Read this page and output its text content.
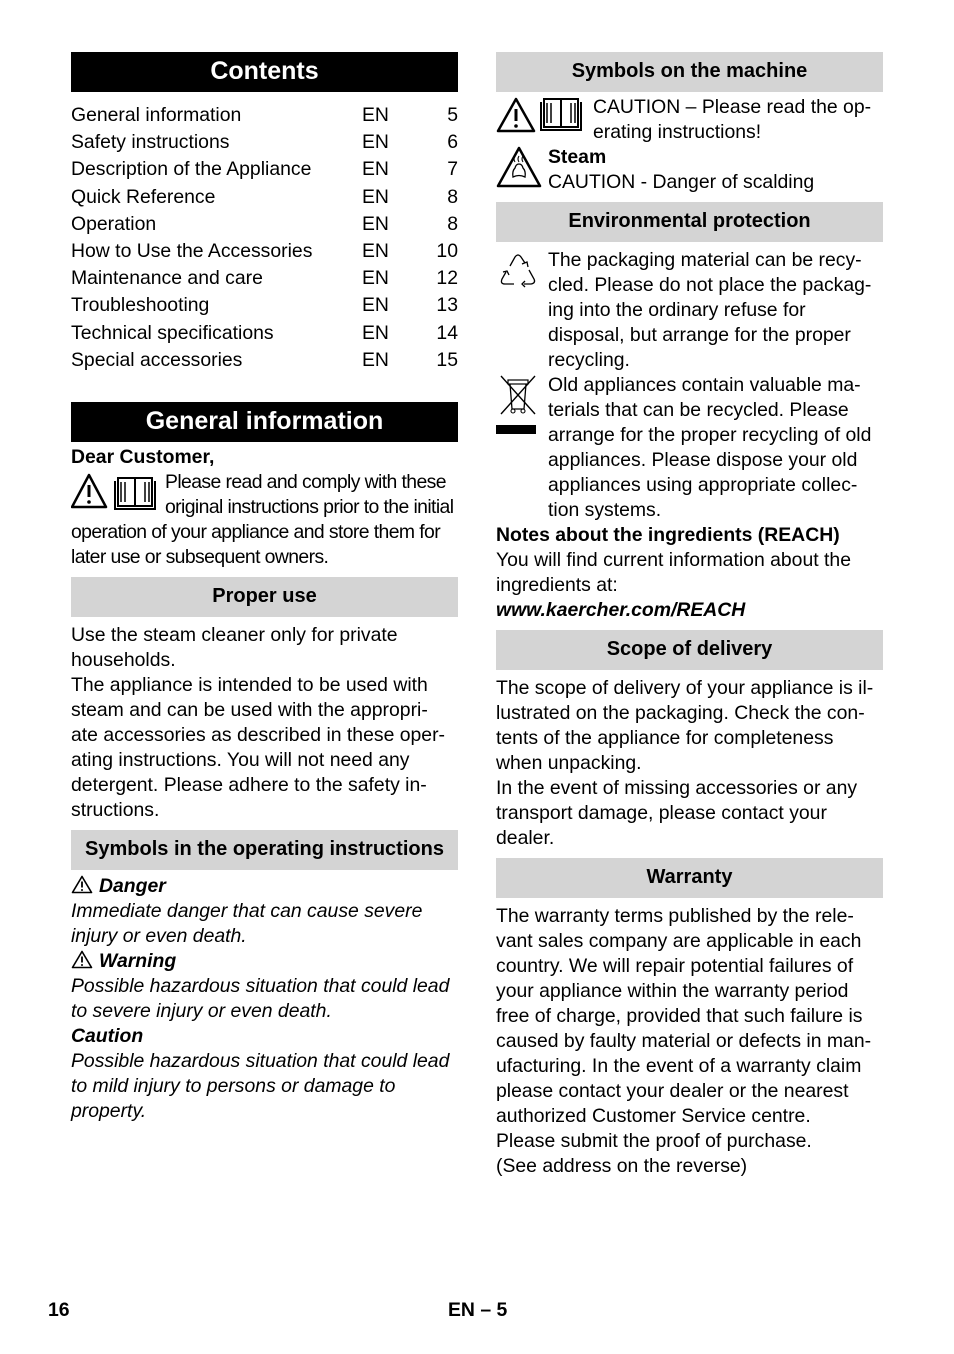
Contents
General information	EN	5
Safety instructions	EN	6
Description of the Appliance	EN	7
Quick Reference	EN	8
Operation	EN	8
How to Use the Accessories	EN	10
Maintenance and care	EN	12
Troubleshooting	EN	13
Technical specifications	EN	14
Special accessories	EN	15
General information

Dear Customer,

Please read and comply with these original instructions prior to the initial

operation of your appliance and store them for later use or subsequent owners.

Proper use

Use the steam cleaner only for private households.

The appliance is intended to be used with steam and can be used with the appropri- ate accessories as described in these oper- ating instructions. You will not need any detergent. Please adhere to the safety in- structions.

Symbols in the operating instructions

Danger

Immediate danger that can cause severe injury or even death.

Warning

Possible hazardous situation that could lead to severe injury or even death.

Caution

Possible hazardous situation that could lead to mild injury to persons or damage to property.

Symbols on the machine

CAUTION – Please read the op- erating instructions!

Steam

CAUTION - Danger of scalding

Environmental protection

The packaging material can be recy- cled. Please do not place the packag- ing into the ordinary refuse for disposal, but arrange for the proper recycling.

Old appliances contain valuable ma- terials that can be recycled. Please arrange for the proper recycling of old appliances. Please dispose your old appliances using appropriate collec- tion systems.

Notes about the ingredients (REACH)

You will find current information about the ingredients at:

www.kaercher.com/REACH

Scope of delivery

The scope of delivery of your appliance is il- lustrated on the packaging. Check the con- tents of the appliance for completeness when unpacking.

In the event of missing accessories or any transport damage, please contact your dealer.

Warranty

The warranty terms published by the rele- vant sales company are applicable in each country. We will repair potential failures of your appliance within the warranty period free of charge, provided that such failure is caused by faulty material or defects in man- ufacturing. In the event of a warranty claim please contact your dealer or the nearest authorized Customer Service centre.

Please submit the proof of purchase.

(See address on the reverse)

16	EN – 5
